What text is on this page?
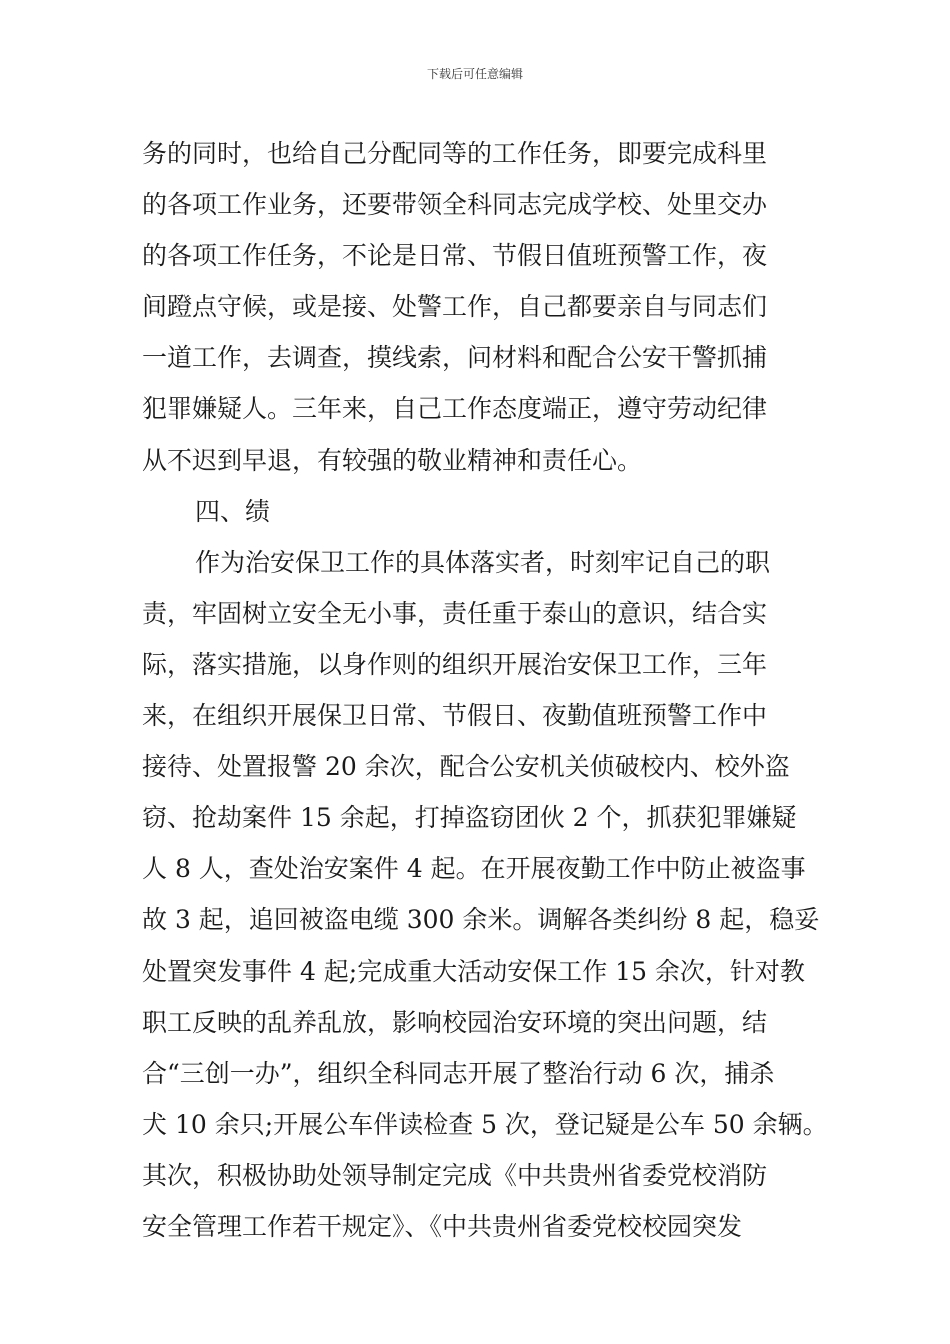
下载后可任意编辑
务的同时，也给自己分配同等的工作任务，即要完成科里
的各项工作业务，还要带领全科同志完成学校、处里交办
的各项工作任务，不论是日常、节假日值班预警工作，夜
间蹬点守候，或是接、处警工作，自己都要亲自与同志们
一道工作，去调查，摸线索，问材料和配合公安干警抓捕
犯罪嫌疑人。三年来，自己工作态度端正，遵守劳动纪律
从不迟到早退，有较强的敬业精神和责任心。
四、绩
作为治安保卫工作的具体落实者，时刻牢记自己的职
责，牢固树立安全无小事，责任重于泰山的意识，结合实
际，落实措施，以身作则的组织开展治安保卫工作，三年
来，在组织开展保卫日常、节假日、夜勤值班预警工作中
接待、处置报警 20 余次，配合公安机关侦破校内、校外盗
窃、抢劫案件 15 余起，打掉盗窃团伙 2 个，抓获犯罪嫌疑
人 8 人，查处治安案件 4 起。在开展夜勤工作中防止被盗事
故 3 起，追回被盗电缆 300 余米。调解各类纠纷 8 起，稳妥
处置突发事件 4 起;完成重大活动安保工作 15 余次，针对教
职工反映的乱养乱放，影响校园治安环境的突出问题，结
合“三创一办”，组织全科同志开展了整治行动 6 次，捕杀
犬 10 余只;开展公车伴读检查 5 次，登记疑是公车 50 余辆。
其次，积极协助处领导制定完成《中共贵州省委党校消防
安全管理工作若干规定》、《中共贵州省委党校校园突发
